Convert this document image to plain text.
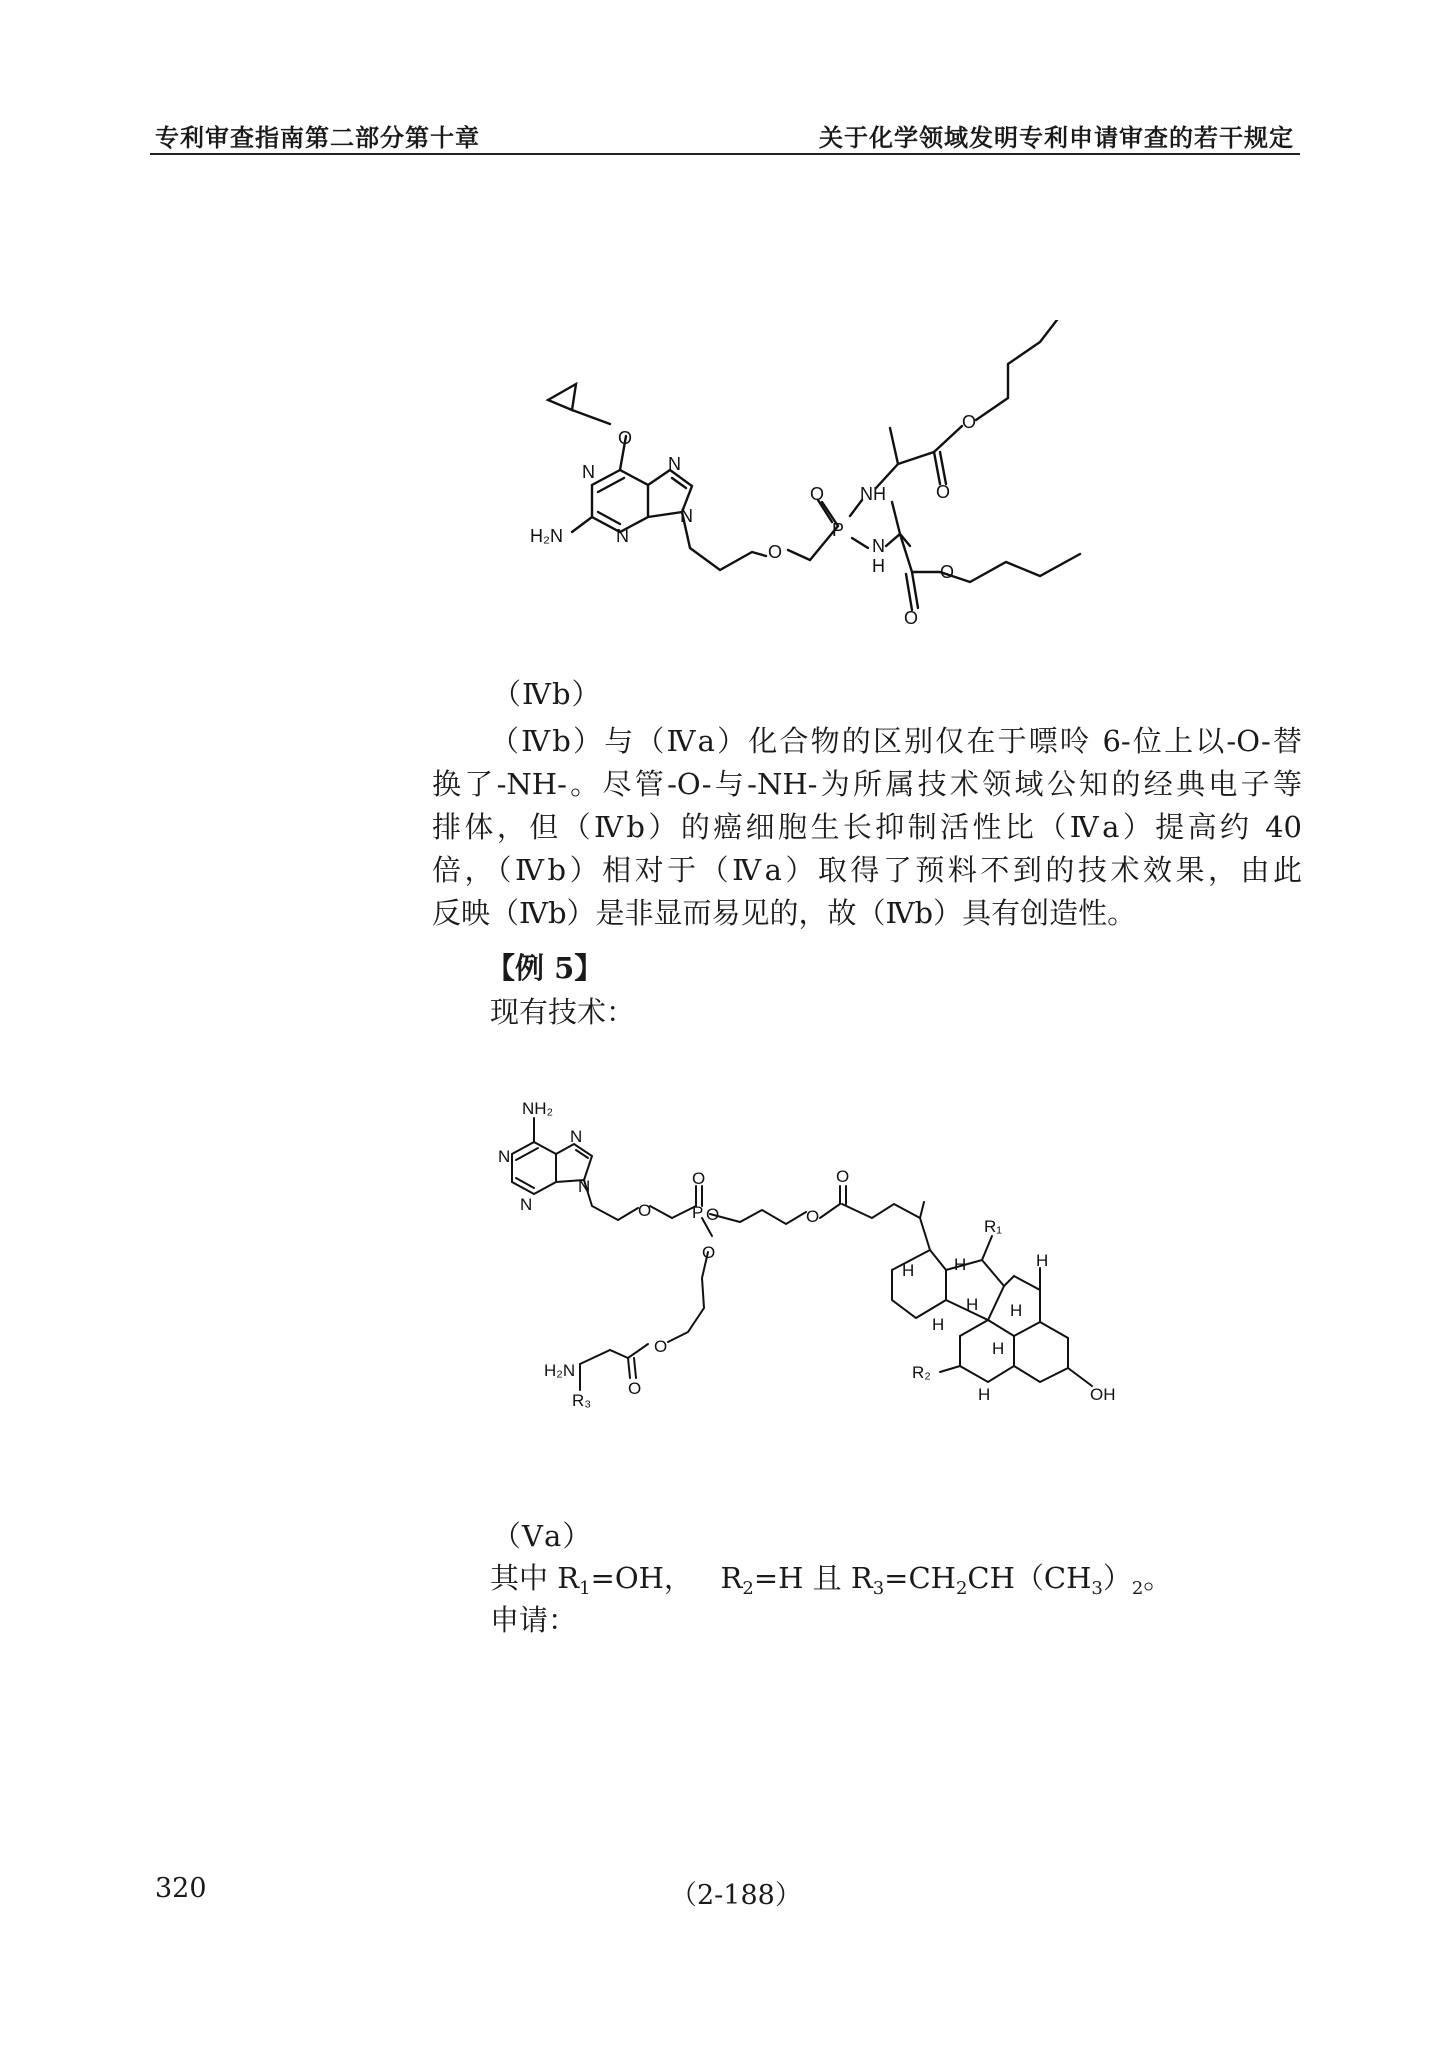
专利审查指南第二部分第十章	关于化学领域发明专利申请审查的若干规定
O
N
N
N
N
H₂N
O
P
O NH
N
H
O
O
O
O
（Ⅳb）
（Ⅳb）与（Ⅳa）化合物的区别仅在于嘌呤 6-位上以-O-替
换了-NH-。尽管-O-与-NH-为所属技术领域公知的经典电子等
排体，但（Ⅳb）的癌细胞生长抑制活性比（Ⅳa）提高约 40
倍，（Ⅳb）相对于（Ⅳa）取得了预料不到的技术效果，由此
反映（Ⅳb）是非显而易见的，故（Ⅳb）具有创造性。
【例 5】
现有技术：
NH₂
N
N
N
N
O
O
P O
O
O
O
O
O
H₂N
R₃
R₁
R₂
OH
H H
H
H
H
H
H
H
（Ⅴa）
其中 $R_1=OH$， $R_2=H$ 且 $R_3=CH_2CH(CH_3)_2$。
申请：
320	（2-188）
